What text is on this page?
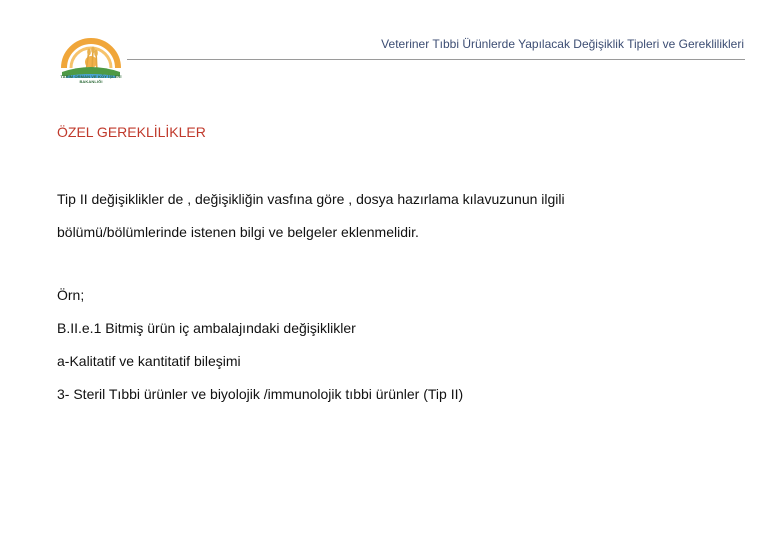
TARIM ORMAN VE KÖY İŞLERİ
BAKANLIĞI
Veteriner Tıbbi Ürünlerde Yapılacak Değişiklik Tipleri ve Gereklilikleri
ÖZEL GEREKLİLİKLER
Tip II değişiklikler de , değişikliğin vasfına göre , dosya hazırlama kılavuzunun ilgili
bölümü/bölümlerinde istenen bilgi ve belgeler eklenmelidir.
Örn;
B.II.e.1 Bitmiş ürün iç ambalajındaki değişiklikler
a-Kalitatif ve kantitatif bileşimi
3- Steril Tıbbi ürünler ve biyolojik /immunolojik tıbbi ürünler (Tip II)
